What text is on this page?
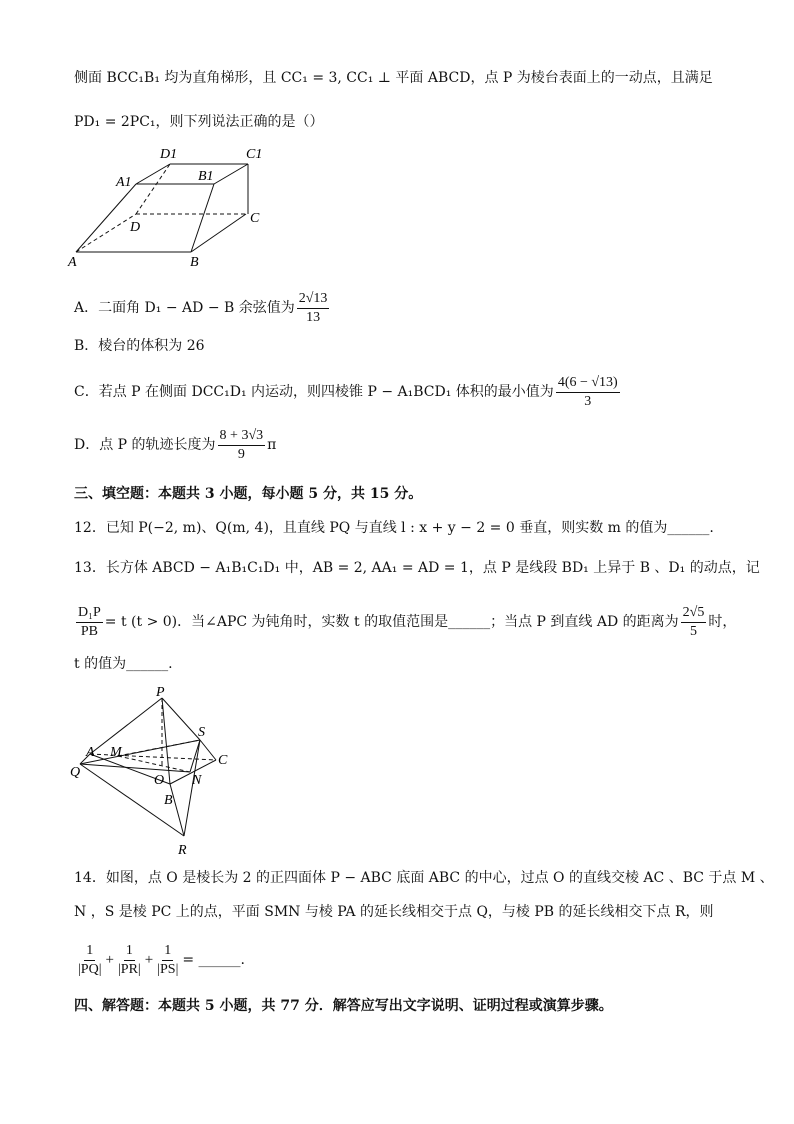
侧面 BCC₁B₁ 均为直角梯形，且 CC₁ = 3, CC₁ ⊥ 平面 ABCD，点 P 为棱台表面上的一动点，且满足
PD₁ = 2PC₁，则下列说法正确的是（）
D1	C1
A1	B1
D
C
A	B
A．二面角 D₁ − AD − B 余弦值为 $\frac{2√13}{13}$
B．棱台的体积为 26
C．若点 P 在侧面 DCC₁D₁ 内运动，则四棱锥 P − A₁BCD₁ 体积的最小值为 $\frac{4(6 - √13)}{3}$
D．点 P 的轨迹长度为 $\frac{8 + 3√3}{9}$ π
三、填空题：本题共 3 小题，每小题 5 分，共 15 分。
12．已知 P(−2, m)、Q(m, 4)，且直线 PQ 与直线 l : x + y − 2 = 0 垂直，则实数 m 的值为______.
13．长方体 ABCD − A₁B₁C₁D₁ 中，AB = 2, AA₁ = AD = 1，点 P 是线段 BD₁ 上异于 B 、D₁ 的动点，记
$\frac{\text{D₁P}}{PB} = t$ (t > 0)．当∠APC 为钝角时，实数 t 的取值范围是______；当点 P 到直线 AD 的距离为 $\frac{2√5}{5}$ 时，
t 的值为______.
P
S
A M
C
Q
O N
B
R
14．如图，点 O 是棱长为 2 的正四面体 P − ABC 底面 ABC 的中心，过点 O 的直线交棱 AC 、BC 于点 M 、
N ，S 是棱 PC 上的点，平面 SMN 与棱 PA 的延长线相交于点 Q，与棱 PB 的延长线相交下点 R，则
$\frac{1}{|PQ|} + \frac{1}{|PR|} + \frac{1}{|PS|}$ = ______.
四、解答题：本题共 5 小题，共 77 分．解答应写出文字说明、证明过程或演算步骤。
